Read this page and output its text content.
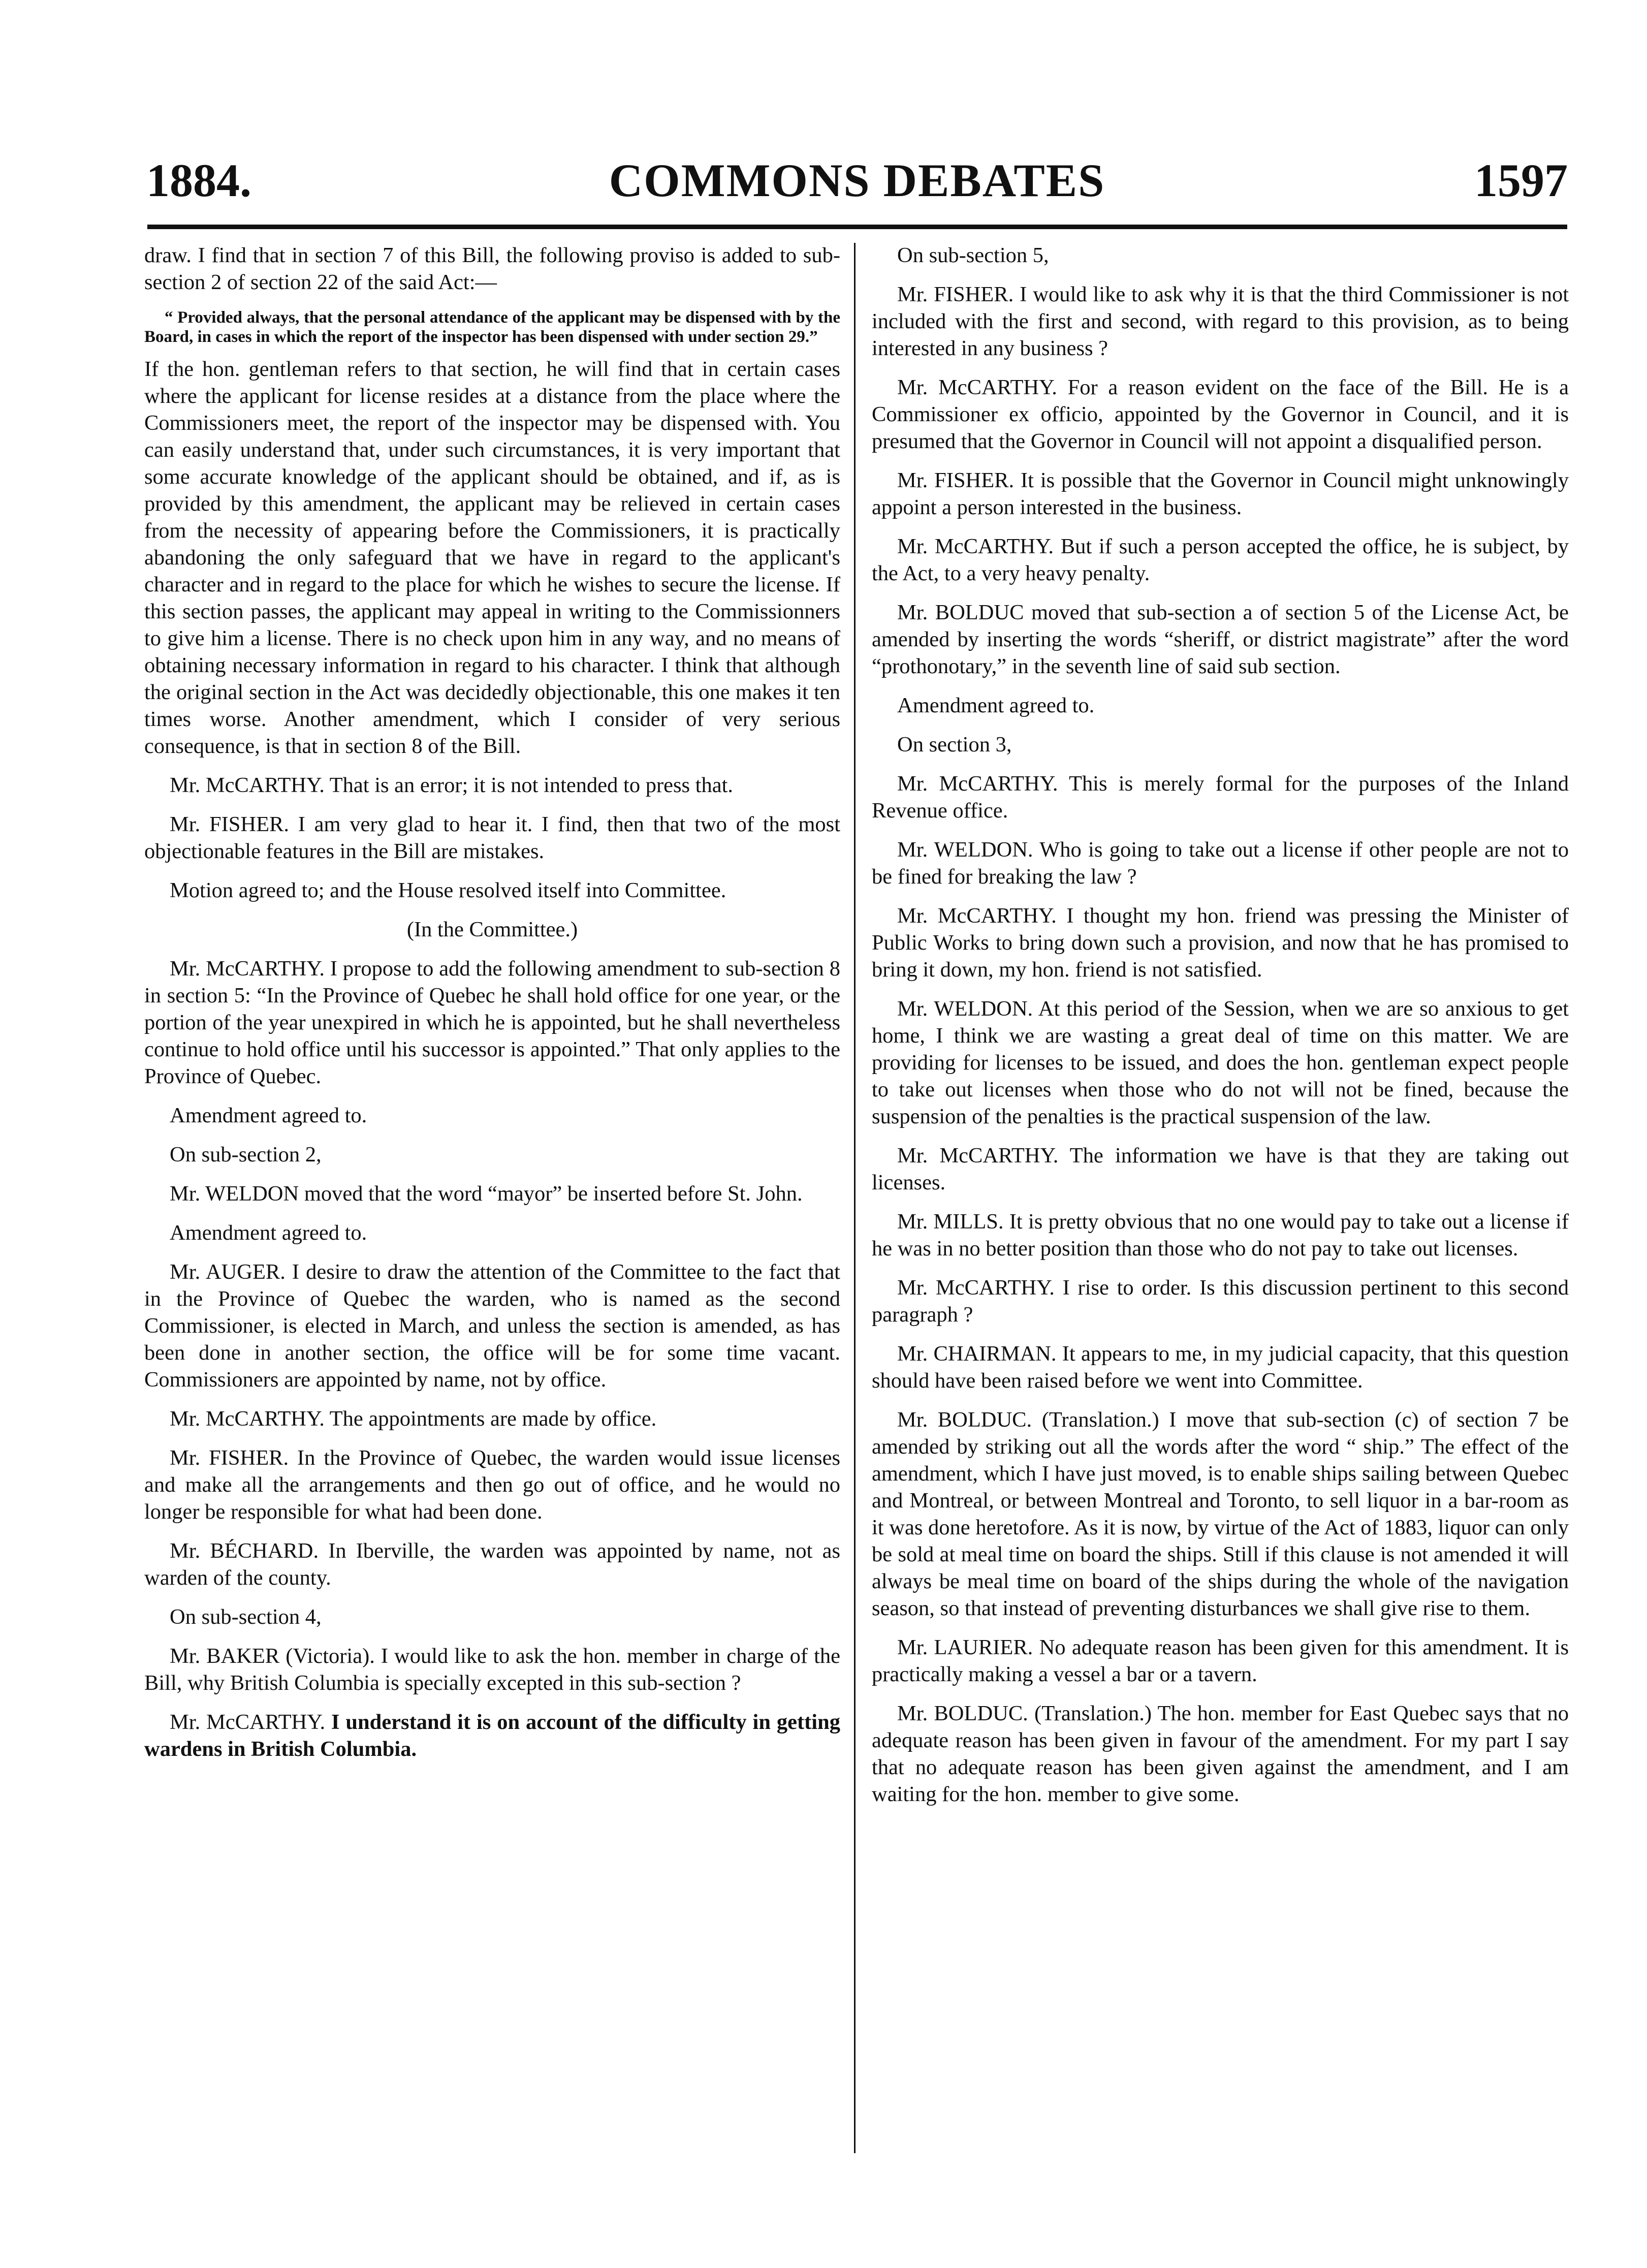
1884.	COMMONS DEBATES	1597

draw. I find that in section 7 of this Bill, the following proviso is added to sub-section 2 of section 22 of the said Act:—

“ Provided always, that the personal attendance of the applicant may be dispensed with by the Board, in cases in which the report of the inspector has been dispensed with under section 29.”

If the hon. gentleman refers to that section, he will find that in certain cases where the applicant for license resides at a distance from the place where the Commissioners meet, the report of the inspector may be dispensed with. You can easily understand that, under such circumstances, it is very important that some accurate knowledge of the applicant should be obtained, and if, as is provided by this amendment, the applicant may be relieved in certain cases from the necessity of appearing before the Commissioners, it is practically abandoning the only safeguard that we have in regard to the applicant's character and in regard to the place for which he wishes to secure the license. If this section passes, the applicant may appeal in writing to the Commissionners to give him a license. There is no check upon him in any way, and no means of obtaining necessary information in regard to his character. I think that although the original section in the Act was decidedly objectionable, this one makes it ten times worse. Another amendment, which I consider of very serious consequence, is that in section 8 of the Bill.

Mr. McCARTHY. That is an error; it is not intended to press that.

Mr. FISHER. I am very glad to hear it. I find, then that two of the most objectionable features in the Bill are mistakes.

Motion agreed to; and the House resolved itself into Committee.

(In the Committee.)

Mr. McCARTHY. I propose to add the following amendment to sub-section 8 in section 5: “In the Province of Quebec he shall hold office for one year, or the portion of the year unexpired in which he is appointed, but he shall nevertheless continue to hold office until his successor is appointed.” That only applies to the Province of Quebec.

Amendment agreed to.

On sub-section 2,

Mr. WELDON moved that the word “mayor” be inserted before St. John.

Amendment agreed to.

Mr. AUGER. I desire to draw the attention of the Committee to the fact that in the Province of Quebec the warden, who is named as the second Commissioner, is elected in March, and unless the section is amended, as has been done in another section, the office will be for some time vacant. Commissioners are appointed by name, not by office.

Mr. McCARTHY. The appointments are made by office.

Mr. FISHER. In the Province of Quebec, the warden would issue licenses and make all the arrangements and then go out of office, and he would no longer be responsible for what had been done.

Mr. BÉCHARD. In Iberville, the warden was appointed by name, not as warden of the county.

On sub-section 4,

Mr. BAKER (Victoria). I would like to ask the hon. member in charge of the Bill, why British Columbia is specially excepted in this sub-section ?

Mr. McCARTHY. I understand it is on account of the difficulty in getting wardens in British Columbia.

On sub-section 5,

Mr. FISHER. I would like to ask why it is that the third Commissioner is not included with the first and second, with regard to this provision, as to being interested in any business ?

Mr. McCARTHY. For a reason evident on the face of the Bill. He is a Commissioner ex officio, appointed by the Governor in Council, and it is presumed that the Governor in Council will not appoint a disqualified person.

Mr. FISHER. It is possible that the Governor in Council might unknowingly appoint a person interested in the business.

Mr. McCARTHY. But if such a person accepted the office, he is subject, by the Act, to a very heavy penalty.

Mr. BOLDUC moved that sub-section a of section 5 of the License Act, be amended by inserting the words “sheriff, or district magistrate” after the word “prothonotary,” in the seventh line of said sub section.

Amendment agreed to.

On section 3,

Mr. McCARTHY. This is merely formal for the purposes of the Inland Revenue office.

Mr. WELDON. Who is going to take out a license if other people are not to be fined for breaking the law ?

Mr. McCARTHY. I thought my hon. friend was pressing the Minister of Public Works to bring down such a provision, and now that he has promised to bring it down, my hon. friend is not satisfied.

Mr. WELDON. At this period of the Session, when we are so anxious to get home, I think we are wasting a great deal of time on this matter. We are providing for licenses to be issued, and does the hon. gentleman expect people to take out licenses when those who do not will not be fined, because the suspension of the penalties is the practical suspension of the law.

Mr. McCARTHY. The information we have is that they are taking out licenses.

Mr. MILLS. It is pretty obvious that no one would pay to take out a license if he was in no better position than those who do not pay to take out licenses.

Mr. McCARTHY. I rise to order. Is this discussion pertinent to this second paragraph ?

Mr. CHAIRMAN. It appears to me, in my judicial capacity, that this question should have been raised before we went into Committee.

Mr. BOLDUC. (Translation.) I move that sub-section (c) of section 7 be amended by striking out all the words after the word “ ship.” The effect of the amendment, which I have just moved, is to enable ships sailing between Quebec and Montreal, or between Montreal and Toronto, to sell liquor in a bar-room as it was done heretofore. As it is now, by virtue of the Act of 1883, liquor can only be sold at meal time on board the ships. Still if this clause is not amended it will always be meal time on board of the ships during the whole of the navigation season, so that instead of preventing disturbances we shall give rise to them.

Mr. LAURIER. No adequate reason has been given for this amendment. It is practically making a vessel a bar or a tavern.

Mr. BOLDUC. (Translation.) The hon. member for East Quebec says that no adequate reason has been given in favour of the amendment. For my part I say that no adequate reason has been given against the amendment, and I am waiting for the hon. member to give some.
